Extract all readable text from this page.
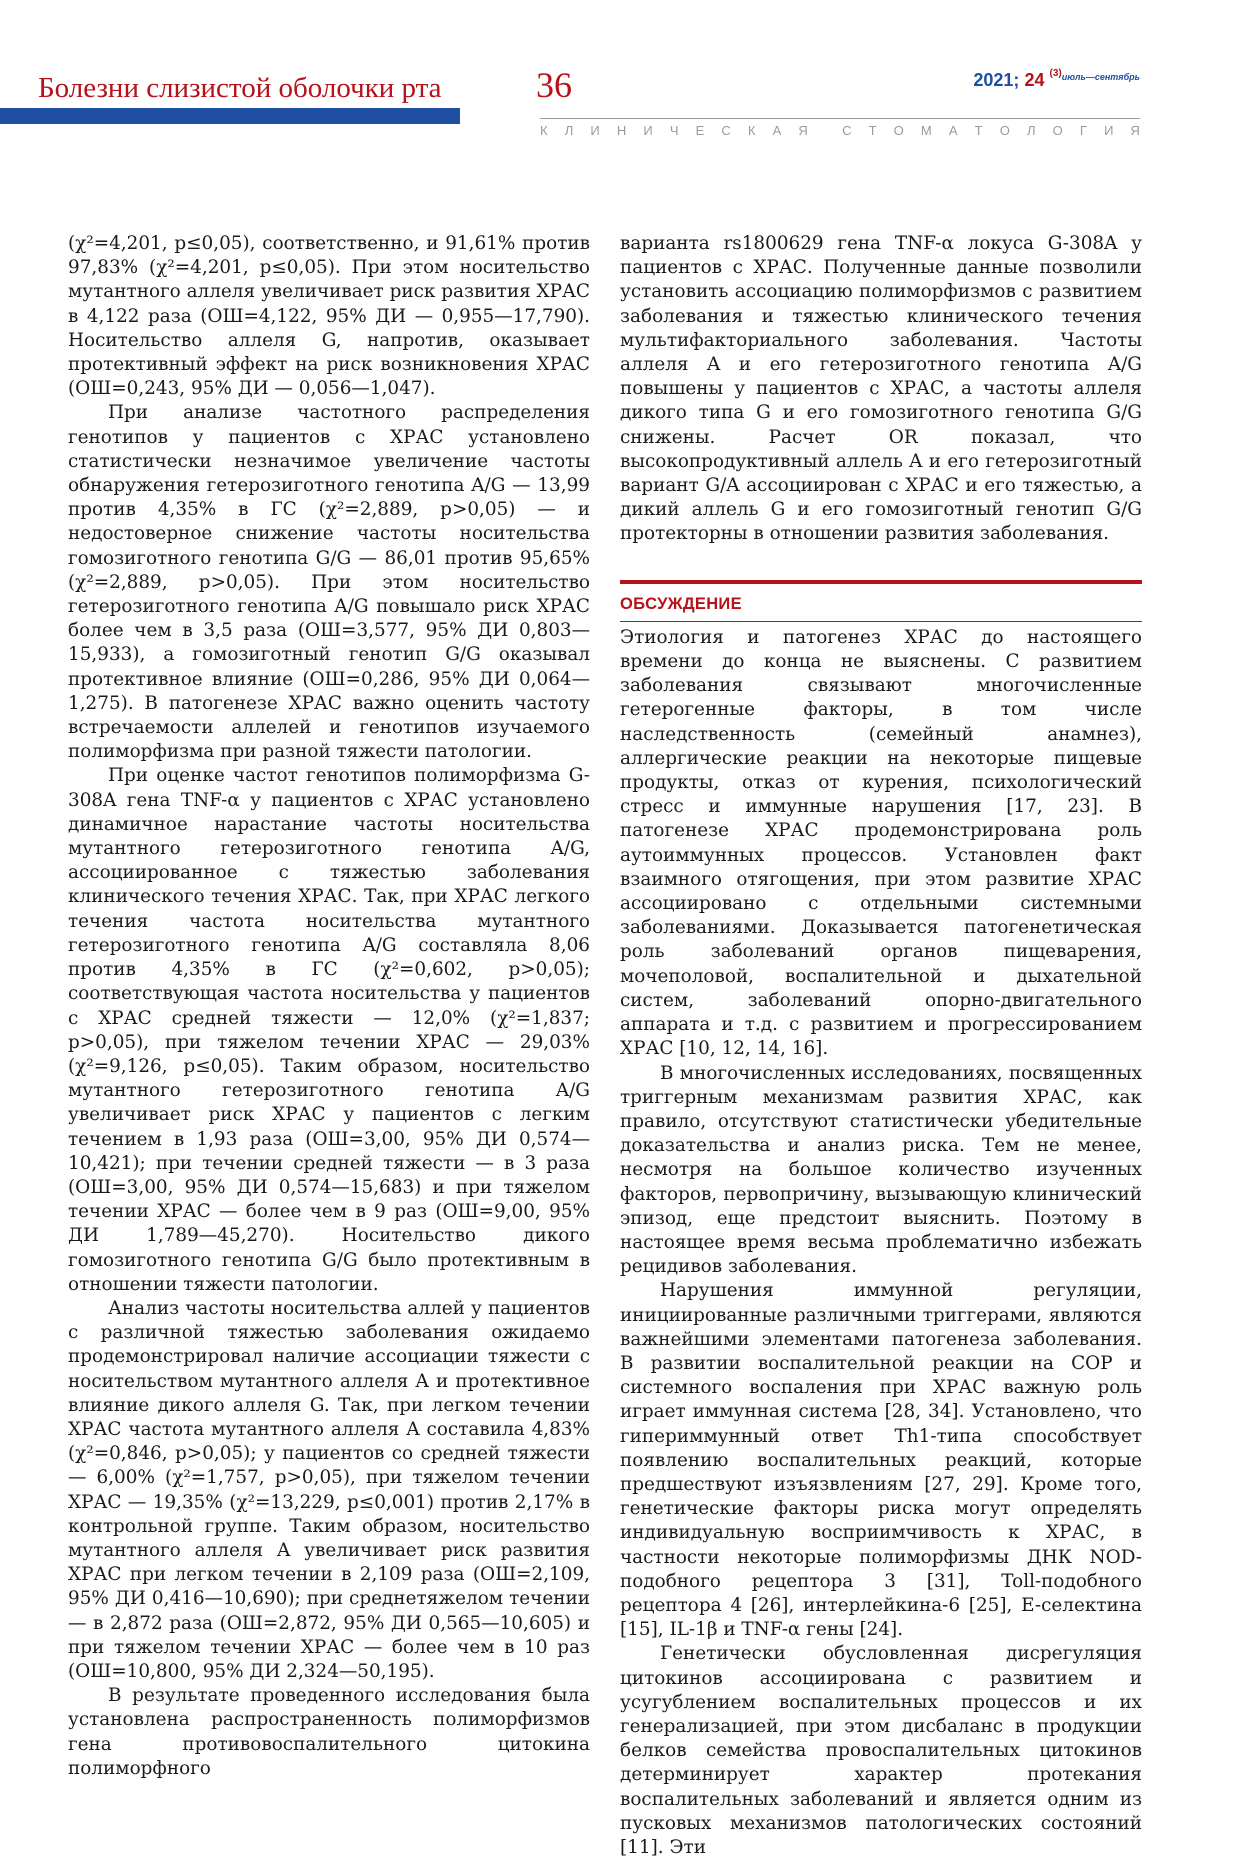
Болезни слизистой оболочки рта	36	2021; 24 $^{(3)июль—сентябрь}$
К Л И Н И Ч Е С К А Я	С Т О М А Т О Л О Г И Я

(χ²=4,201, p≤0,05), соответственно, и 91,61% против 97,83% (χ²=4,201, p≤0,05). При этом носительство мутантного аллеля увеличивает риск развития ХРАС в 4,122 раза (ОШ=4,122, 95% ДИ — 0,955—17,790). Носительство аллеля G, напротив, оказывает протективный эффект на риск возникновения ХРАС (ОШ=0,243, 95% ДИ — 0,056—1,047).

При анализе частотного распределения генотипов у пациентов с ХРАС установлено статистически незначимое увеличение частоты обнаружения гетерозиготного генотипа A/G — 13,99 против 4,35% в ГС (χ²=2,889, p>0,05) — и недостоверное снижение частоты носительства гомозиготного генотипа G/G — 86,01 против 95,65% (χ²=2,889, p>0,05). При этом носительство гетерозиготного генотипа A/G повышало риск ХРАС более чем в 3,5 раза (ОШ=3,577, 95% ДИ 0,803—15,933), а гомозиготный генотип G/G оказывал протективное влияние (ОШ=0,286, 95% ДИ 0,064—1,275). В патогенезе ХРАС важно оценить частоту встречаемости аллелей и генотипов изучаемого полиморфизма при разной тяжести патологии.

При оценке частот генотипов полиморфизма G-308A гена TNF-α у пациентов с ХРАС установлено динамичное нарастание частоты носительства мутантного гетерозиготного генотипа A/G, ассоциированное с тяжестью заболевания клинического течения ХРАС. Так, при ХРАС легкого течения частота носительства мутантного гетерозиготного генотипа A/G составляла 8,06 против 4,35% в ГС (χ²=0,602, p>0,05); соответствующая частота носительства у пациентов с ХРАС средней тяжести — 12,0% (χ²=1,837; p>0,05), при тяжелом течении ХРАС — 29,03% (χ²=9,126, p≤0,05). Таким образом, носительство мутантного гетерозиготного генотипа A/G увеличивает риск ХРАС у пациентов с легким течением в 1,93 раза (ОШ=3,00, 95% ДИ 0,574—10,421); при течении средней тяжести — в 3 раза (ОШ=3,00, 95% ДИ 0,574—15,683) и при тяжелом течении ХРАС — более чем в 9 раз (ОШ=9,00, 95% ДИ 1,789—45,270). Носительство дикого гомозиготного генотипа G/G было протективным в отношении тяжести патологии.

Анализ частоты носительства аллей у пациентов с различной тяжестью заболевания ожидаемо продемонстрировал наличие ассоциации тяжести с носительством мутантного аллеля A и протективное влияние дикого аллеля G. Так, при легком течении ХРАС частота мутантного аллеля A составила 4,83% (χ²=0,846, p>0,05); у пациентов со средней тяжести — 6,00% (χ²=1,757, p>0,05), при тяжелом течении ХРАС — 19,35% (χ²=13,229, p≤0,001) против 2,17% в контрольной группе. Таким образом, носительство мутантного аллеля A увеличивает риск развития ХРАС при легком течении в 2,109 раза (ОШ=2,109, 95% ДИ 0,416—10,690); при среднетяжелом течении — в 2,872 раза (ОШ=2,872, 95% ДИ 0,565—10,605) и при тяжелом течении ХРАС — более чем в 10 раз (ОШ=10,800, 95% ДИ 2,324—50,195).

В результате проведенного исследования была установлена распространенность полиморфизмов гена противовоспалительного цитокина полиморфного

варианта rs1800629 гена TNF-α локуса G-308A у пациентов с ХРАС. Полученные данные позволили установить ассоциацию полиморфизмов с развитием заболевания и тяжестью клинического течения мультифакториального заболевания. Частоты аллеля A и его гетерозиготного генотипа A/G повышены у пациентов с ХРАС, а частоты аллеля дикого типа G и его гомозиготного генотипа G/G снижены. Расчет OR показал, что высокопродуктивный аллель A и его гетерозиготный вариант G/A ассоциирован с ХРАС и его тяжестью, а дикий аллель G и его гомозиготный генотип G/G протекторны в отношении развития заболевания.

ОБСУЖДЕНИЕ

Этиология и патогенез ХРАС до настоящего времени до конца не выяснены. С развитием заболевания связывают многочисленные гетерогенные факторы, в том числе наследственность (семейный анамнез), аллергические реакции на некоторые пищевые продукты, отказ от курения, психологический стресс и иммунные нарушения [17, 23]. В патогенезе ХРАС продемонстрирована роль аутоиммунных процессов. Установлен факт взаимного отягощения, при этом развитие ХРАС ассоциировано с отдельными системными заболеваниями. Доказывается патогенетическая роль заболеваний органов пищеварения, мочеполовой, воспалительной и дыхательной систем, заболеваний опорно-двигательного аппарата и т.д. с развитием и прогрессированием ХРАС [10, 12, 14, 16].

В многочисленных исследованиях, посвященных триггерным механизмам развития ХРАС, как правило, отсутствуют статистически убедительные доказательства и анализ риска. Тем не менее, несмотря на большое количество изученных факторов, первопричину, вызывающую клинический эпизод, еще предстоит выяснить. Поэтому в настоящее время весьма проблематично избежать рецидивов заболевания.

Нарушения иммунной регуляции, инициированные различными триггерами, являются важнейшими элементами патогенеза заболевания. В развитии воспалительной реакции на СОР и системного воспаления при ХРАС важную роль играет иммунная система [28, 34]. Установлено, что гипериммунный ответ Th1-типа способствует появлению воспалительных реакций, которые предшествуют изъязвлениям [27, 29]. Кроме того, генетические факторы риска могут определять индивидуальную восприимчивость к ХРАС, в частности некоторые полиморфизмы ДНК NOD-подобного рецептора 3 [31], Toll-подобного рецептора 4 [26], интерлейкина-6 [25], E-селектина [15], IL-1β и TNF-α гены [24].

Генетически обусловленная дисрегуляция цитокинов ассоциирована с развитием и усугублением воспалительных процессов и их генерализацией, при этом дисбаланс в продукции белков семейства провоспалительных цитокинов детерминирует характер протекания воспалительных заболеваний и является одним из пусковых механизмов патологических состояний [11]. Эти
